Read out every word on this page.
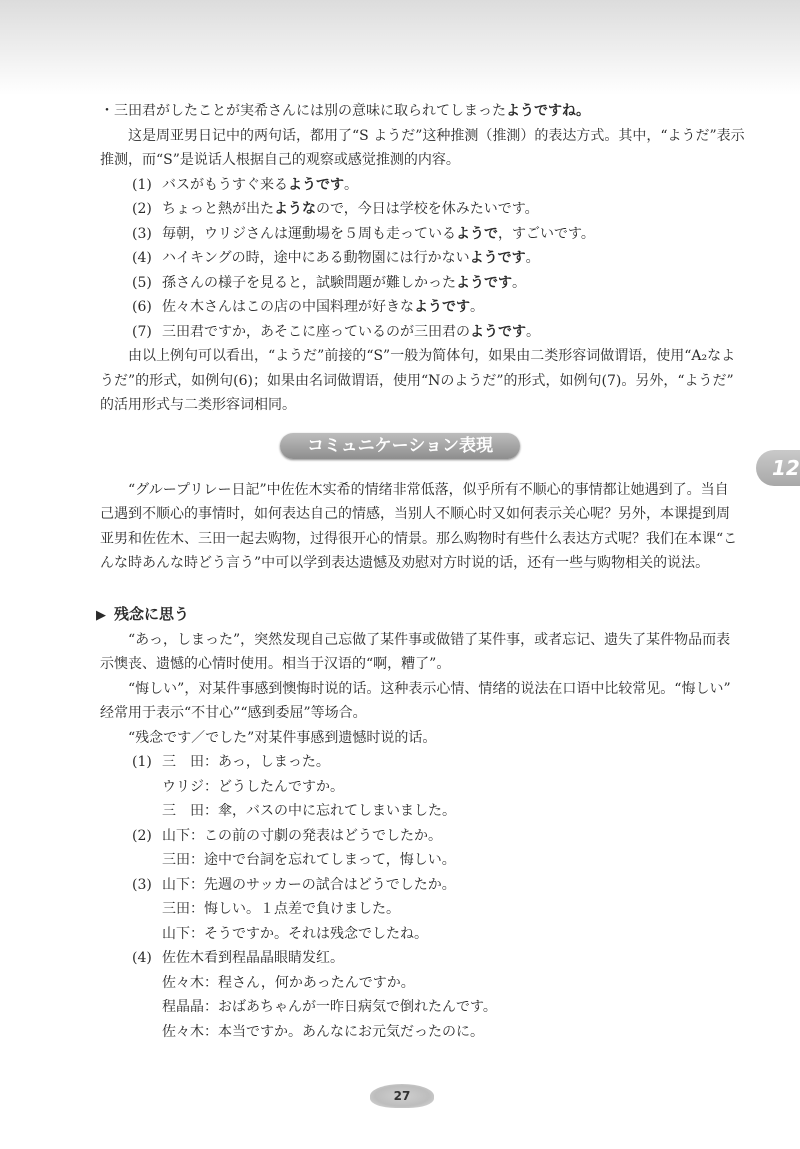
・三田君がしたことが実希さんには別の意味に取られてしまったようですね。
这是周亚男日记中的两句话，都用了“S ようだ”这种推测（推測）的表达方式。其中，“ようだ”表示
推测，而“S”是说话人根据自己的观察或感觉推测的内容。
(1) バスがもうすぐ来るようです。
(2) ちょっと熱が出たようなので，今日は学校を休みたいです。
(3) 毎朝，ウリジさんは運動場を５周も走っているようで，すごいです。
(4) ハイキングの時，途中にある動物園には行かないようです。
(5) 孫さんの様子を見ると，試験問題が難しかったようです。
(6) 佐々木さんはこの店の中国料理が好きなようです。
(7) 三田君ですか，あそこに座っているのが三田君のようです。
由以上例句可以看出，“ようだ”前接的“S”一般为简体句，如果由二类形容词做谓语，使用“A₂なよ
うだ”的形式，如例句(6)；如果由名词做谓语，使用“Nのようだ”的形式，如例句(7)。另外，“ようだ”
的活用形式与二类形容词相同。
コミュニケーション表現
“グループリレー日記”中佐佐木实希的情绪非常低落，似乎所有不顺心的事情都让她遇到了。当自
己遇到不顺心的事情时，如何表达自己的情感，当别人不顺心时又如何表示关心呢？另外，本课提到周
亚男和佐佐木、三田一起去购物，过得很开心的情景。那么购物时有些什么表达方式呢？我们在本课“こ
んな時あんな時どう言う”中可以学到表达遗憾及劝慰对方时说的话，还有一些与购物相关的说法。
▶ 残念に思う
“あっ，しまった”，突然发现自己忘做了某件事或做错了某件事，或者忘记、遗失了某件物品而表
示懊丧、遗憾的心情时使用。相当于汉语的“啊，糟了”。
“悔しい”，对某件事感到懊悔时说的话。这种表示心情、情绪的说法在口语中比较常见。“悔しい”
经常用于表示“不甘心”“感到委屈”等场合。
“残念です／でした”对某件事感到遗憾时说的话。
(1) 三　田：あっ，しまった。
ウリジ：どうしたんですか。
三　田：傘，バスの中に忘れてしまいました。
(2) 山下：この前の寸劇の発表はどうでしたか。
三田：途中で台詞を忘れてしまって，悔しい。
(3) 山下：先週のサッカーの試合はどうでしたか。
三田：悔しい。１点差で負けました。
山下：そうですか。それは残念でしたね。
(4) 佐佐木看到程晶晶眼睛发红。
佐々木：程さん，何かあったんですか。
程晶晶：おばあちゃんが一昨日病気で倒れたんです。
佐々木：本当ですか。あんなにお元気だったのに。
12
27
